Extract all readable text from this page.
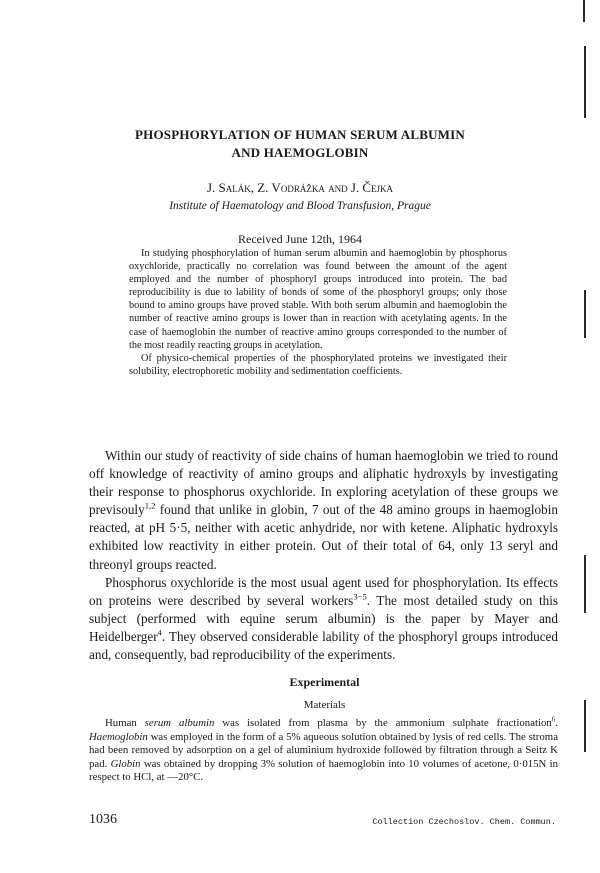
PHOSPHORYLATION OF HUMAN SERUM ALBUMIN
AND HAEMOGLOBIN
J. Salák, Z. Vodrážka and J. Čejka
Institute of Haematology and Blood Transfusion, Prague
Received June 12th, 1964

In studying phosphorylation of human serum albumin and haemoglobin by phosphorus oxychloride, practically no correlation was found between the amount of the agent employed and the number of phosphoryl groups introduced into protein. The bad reproducibility is due to lability of bonds of some of the phosphoryl groups; only those bound to amino groups have proved stable. With both serum albumin and haemoglobin the number of reactive amino groups is lower than in reaction with acetylating agents. In the case of haemoglobin the number of reactive amino groups corresponded to the number of the most readily reacting groups in acetylation.

Of physico-chemical properties of the phosphorylated proteins we investigated their solubility, electrophoretic mobility and sedimentation coefficients.

Within our study of reactivity of side chains of human haemoglobin we tried to round off knowledge of reactivity of amino groups and aliphatic hydroxyls by investigating their response to phosphorus oxychloride. In exploring acetylation of these groups we previsouly$^{1,2}$ found that unlike in globin, 7 out of the 48 amino groups in haemoglobin reacted, at pH 5·5, neither with acetic anhydride, nor with ketene. Aliphatic hydroxyls exhibited low reactivity in either protein. Out of their total of 64, only 13 seryl and threonyl groups reacted.

Phosphorus oxychloride is the most usual agent used for phosphorylation. Its effects on proteins were described by several workers$^{3-5}$. The most detailed study on this subject (performed with equine serum albumin) is the paper by Mayer and Heidelberger$^4$. They observed considerable lability of the phosphoryl groups introduced and, consequently, bad reproducibility of the experiments.

Experimental
Materials

Human serum albumin was isolated from plasma by the ammonium sulphate fractionation$^6$. Haemoglobin was employed in the form of a 5% aqueous solution obtained by lysis of red cells. The stroma had been removed by adsorption on a gel of aluminium hydroxide followed by filtration through a Seitz K pad. Globin was obtained by dropping 3% solution of haemoglobin into 10 volumes of acetone, 0·015N in respect to HCl, at —20°C.

1036	Collection Czechoslov. Chem. Commun.
